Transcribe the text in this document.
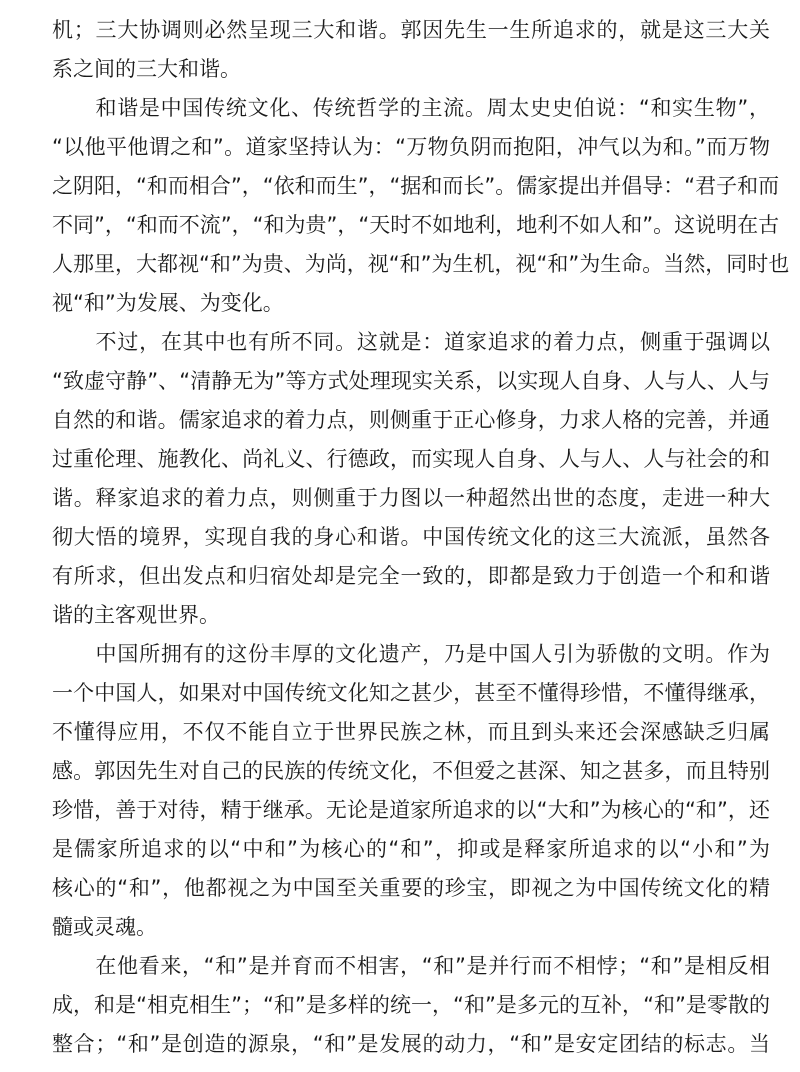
机；三大协调则必然呈现三大和谐。郭因先生一生所追求的，就是这三大关
系之间的三大和谐。
　　和谐是中国传统文化、传统哲学的主流。周太史史伯说：“和实生物”，
“以他平他谓之和”。道家坚持认为：“万物负阴而抱阳，冲气以为和。”而万物
之阴阳，“和而相合”，“依和而生”，“据和而长”。儒家提出并倡导：“君子和而
不同”，“和而不流”，“和为贵”，“天时不如地利，地利不如人和”。这说明在古
人那里，大都视“和”为贵、为尚，视“和”为生机，视“和”为生命。当然，同时也
视“和”为发展、为变化。
　　不过，在其中也有所不同。这就是：道家追求的着力点，侧重于强调以
“致虚守静”、“清静无为”等方式处理现实关系，以实现人自身、人与人、人与
自然的和谐。儒家追求的着力点，则侧重于正心修身，力求人格的完善，并通
过重伦理、施教化、尚礼义、行德政，而实现人自身、人与人、人与社会的和
谐。释家追求的着力点，则侧重于力图以一种超然出世的态度，走进一种大
彻大悟的境界，实现自我的身心和谐。中国传统文化的这三大流派，虽然各
有所求，但出发点和归宿处却是完全一致的，即都是致力于创造一个和和谐
谐的主客观世界。
　　中国所拥有的这份丰厚的文化遗产，乃是中国人引为骄傲的文明。作为
一个中国人，如果对中国传统文化知之甚少，甚至不懂得珍惜，不懂得继承，
不懂得应用，不仅不能自立于世界民族之林，而且到头来还会深感缺乏归属
感。郭因先生对自己的民族的传统文化，不但爱之甚深、知之甚多，而且特别
珍惜，善于对待，精于继承。无论是道家所追求的以“大和”为核心的“和”，还
是儒家所追求的以“中和”为核心的“和”，抑或是释家所追求的以“小和”为
核心的“和”，他都视之为中国至关重要的珍宝，即视之为中国传统文化的精
髓或灵魂。
　　在他看来，“和”是并育而不相害，“和”是并行而不相悖；“和”是相反相
成，和是“相克相生”；“和”是多样的统一，“和”是多元的互补，“和”是零散的
整合；“和”是创造的源泉，“和”是发展的动力，“和”是安定团结的标志。当
